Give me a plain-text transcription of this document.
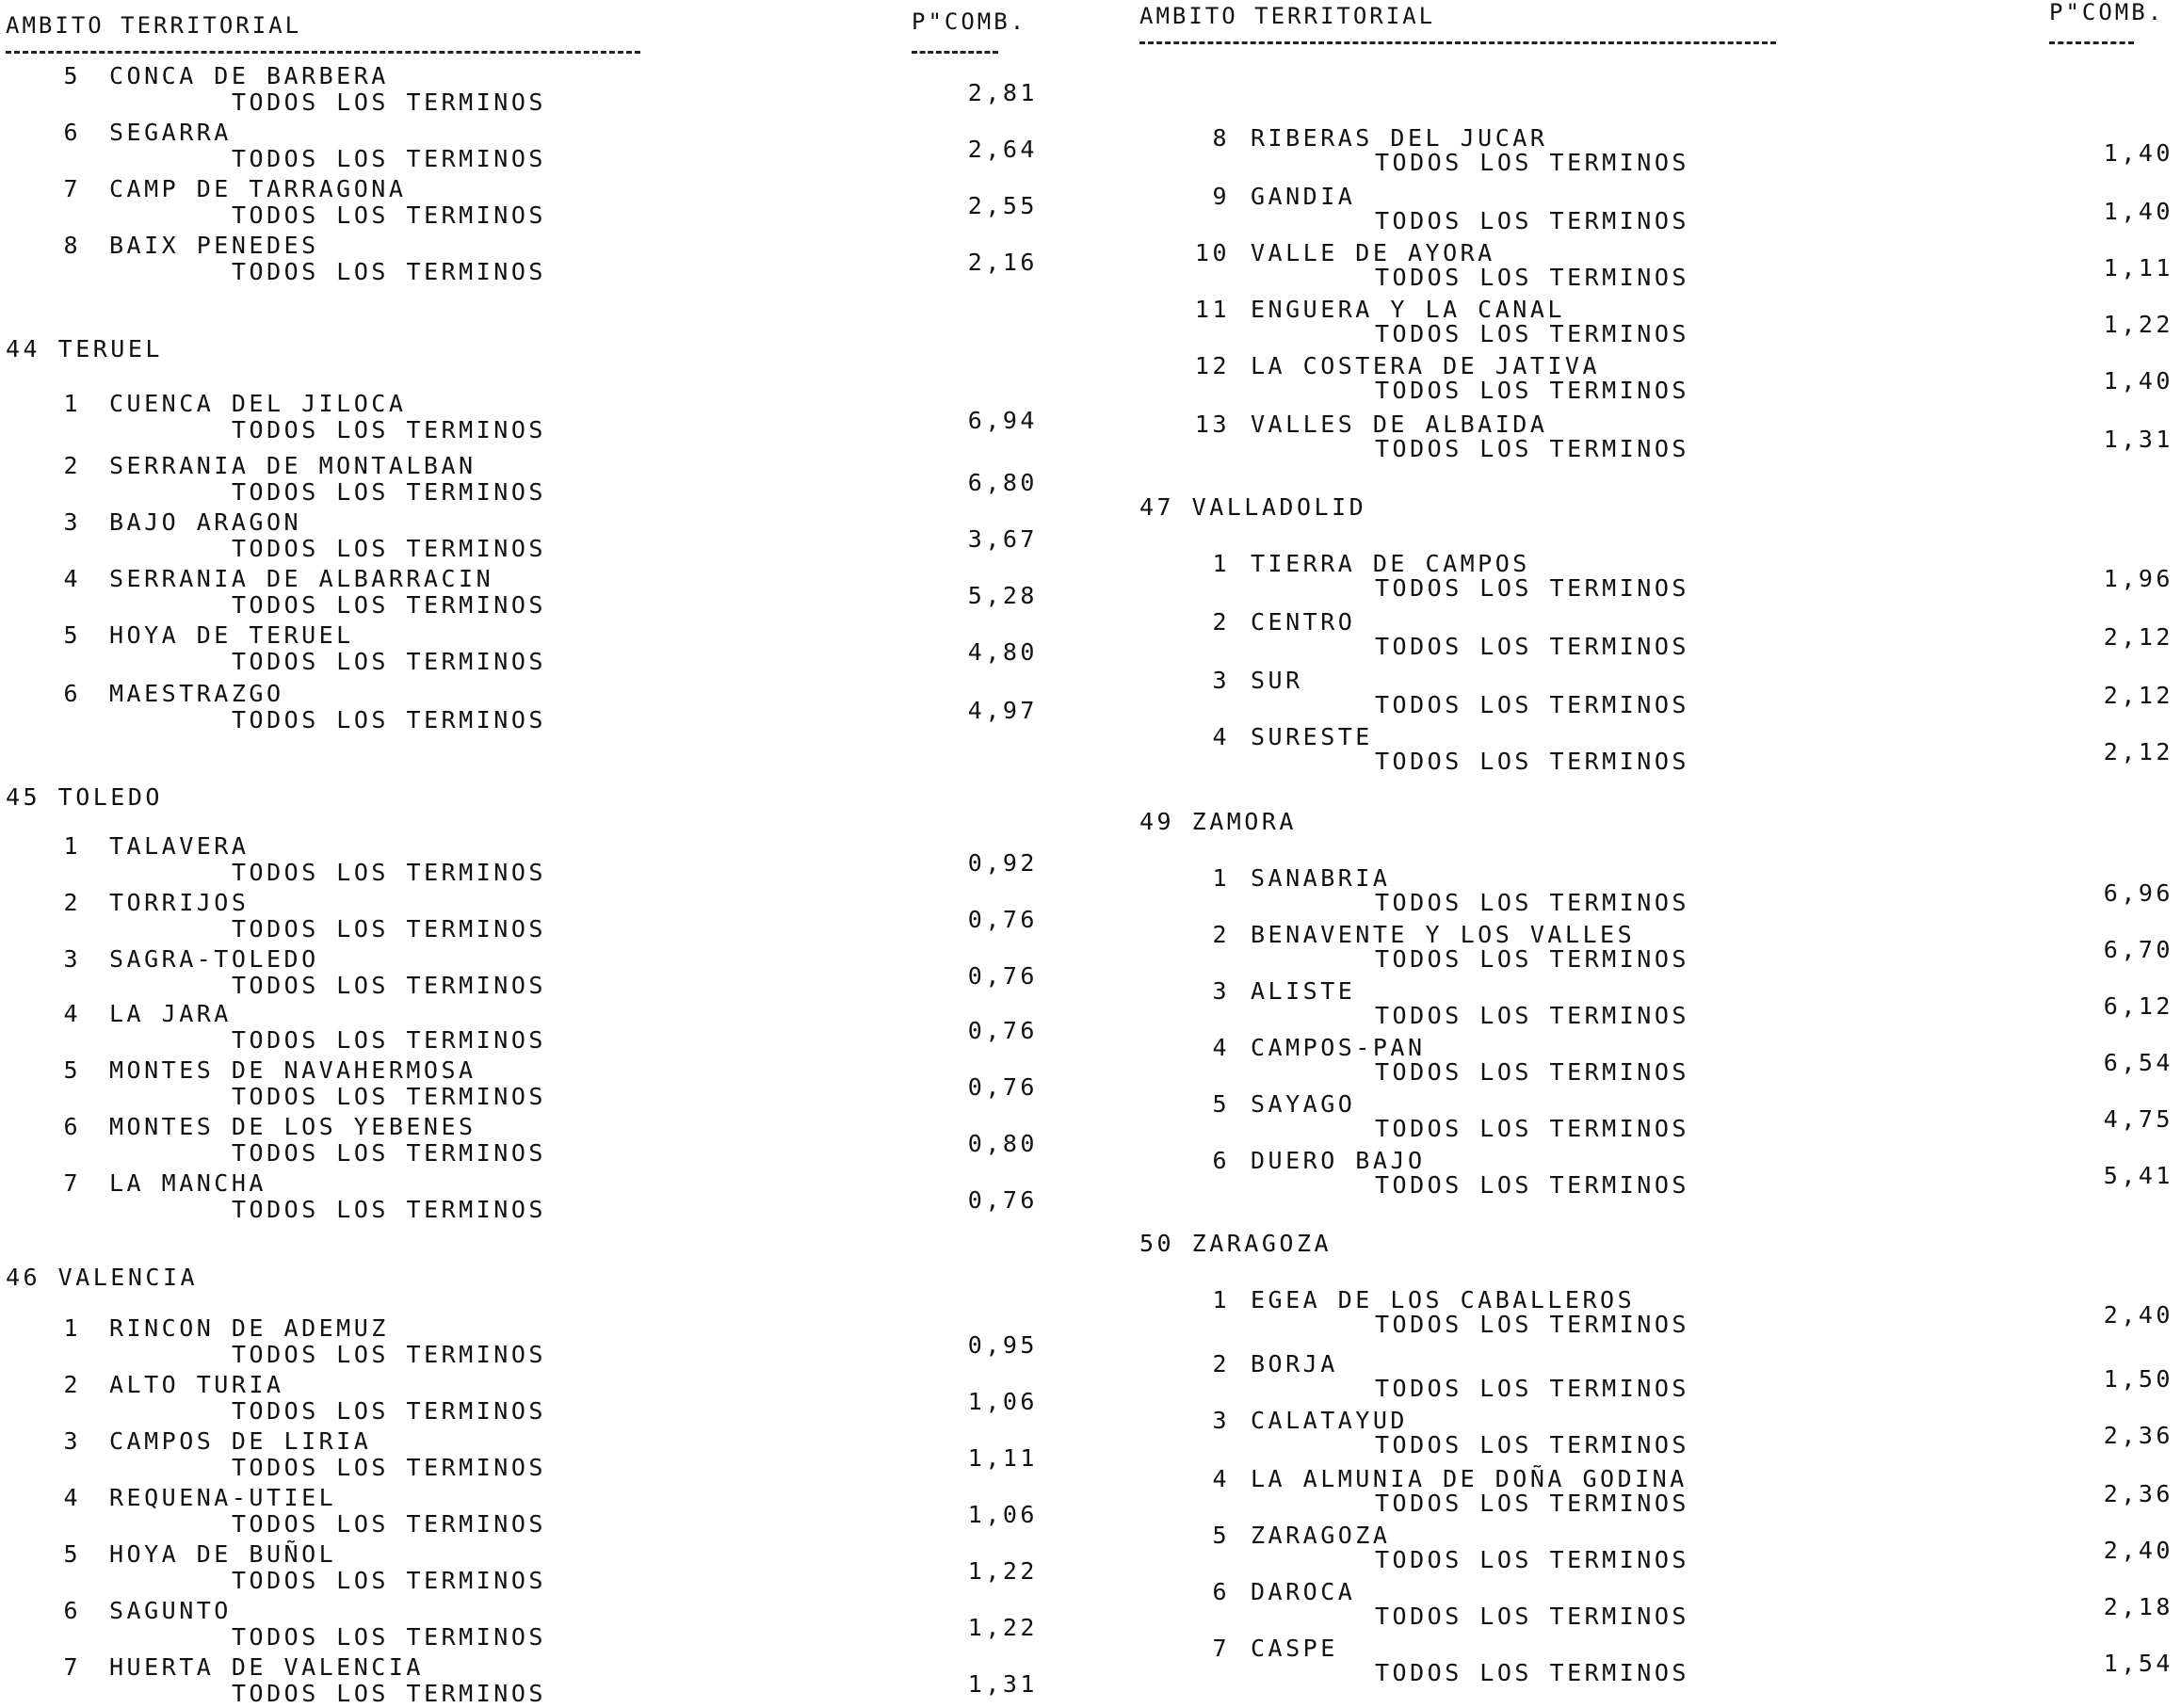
AMBITO TERRITORIAL	P"COMB.
5 CONCA DE BARBERA
TODOS LOS TERMINOS	2,81
6 SEGARRA
TODOS LOS TERMINOS	2,64
7 CAMP DE TARRAGONA
TODOS LOS TERMINOS	2,55
8 BAIX PENEDES
TODOS LOS TERMINOS	2,16
44 TERUEL
1 CUENCA DEL JILOCA
TODOS LOS TERMINOS	6,94
2 SERRANIA DE MONTALBAN
TODOS LOS TERMINOS	6,80
3 BAJO ARAGON
TODOS LOS TERMINOS	3,67
4 SERRANIA DE ALBARRACIN
TODOS LOS TERMINOS	5,28
5 HOYA DE TERUEL
TODOS LOS TERMINOS	4,80
6 MAESTRAZGO
TODOS LOS TERMINOS	4,97
45 TOLEDO
1 TALAVERA
TODOS LOS TERMINOS	0,92
2 TORRIJOS
TODOS LOS TERMINOS	0,76
3 SAGRA-TOLEDO
TODOS LOS TERMINOS	0,76
4 LA JARA
TODOS LOS TERMINOS	0,76
5 MONTES DE NAVAHERMOSA
TODOS LOS TERMINOS	0,76
6 MONTES DE LOS YEBENES
TODOS LOS TERMINOS	0,80
7 LA MANCHA
TODOS LOS TERMINOS	0,76
46 VALENCIA
1 RINCON DE ADEMUZ
TODOS LOS TERMINOS	0,95
2 ALTO TURIA
TODOS LOS TERMINOS	1,06
3 CAMPOS DE LIRIA
TODOS LOS TERMINOS	1,11
4 REQUENA-UTIEL
TODOS LOS TERMINOS	1,06
5 HOYA DE BUÑOL
TODOS LOS TERMINOS	1,22
6 SAGUNTO
TODOS LOS TERMINOS	1,22
7 HUERTA DE VALENCIA
TODOS LOS TERMINOS	1,31
AMBITO TERRITORIAL	P"COMB.
8 RIBERAS DEL JUCAR
TODOS LOS TERMINOS	1,40
9 GANDIA
TODOS LOS TERMINOS	1,40
10 VALLE DE AYORA
TODOS LOS TERMINOS	1,11
11 ENGUERA Y LA CANAL
TODOS LOS TERMINOS	1,22
12 LA COSTERA DE JATIVA
TODOS LOS TERMINOS	1,40
13 VALLES DE ALBAIDA
TODOS LOS TERMINOS	1,31
47 VALLADOLID
1 TIERRA DE CAMPOS
TODOS LOS TERMINOS	1,96
2 CENTRO
TODOS LOS TERMINOS	2,12
3 SUR
TODOS LOS TERMINOS	2,12
4 SURESTE
TODOS LOS TERMINOS	2,12
49 ZAMORA
1 SANABRIA
TODOS LOS TERMINOS	6,96
2 BENAVENTE Y LOS VALLES
TODOS LOS TERMINOS	6,70
3 ALISTE
TODOS LOS TERMINOS	6,12
4 CAMPOS-PAN
TODOS LOS TERMINOS	6,54
5 SAYAGO
TODOS LOS TERMINOS	4,75
6 DUERO BAJO
TODOS LOS TERMINOS	5,41
50 ZARAGOZA
1 EGEA DE LOS CABALLEROS
TODOS LOS TERMINOS	2,40
2 BORJA
TODOS LOS TERMINOS	1,50
3 CALATAYUD
TODOS LOS TERMINOS	2,36
4 LA ALMUNIA DE DOÑA GODINA
TODOS LOS TERMINOS	2,36
5 ZARAGOZA
TODOS LOS TERMINOS	2,40
6 DAROCA
TODOS LOS TERMINOS	2,18
7 CASPE
TODOS LOS TERMINOS	1,54
